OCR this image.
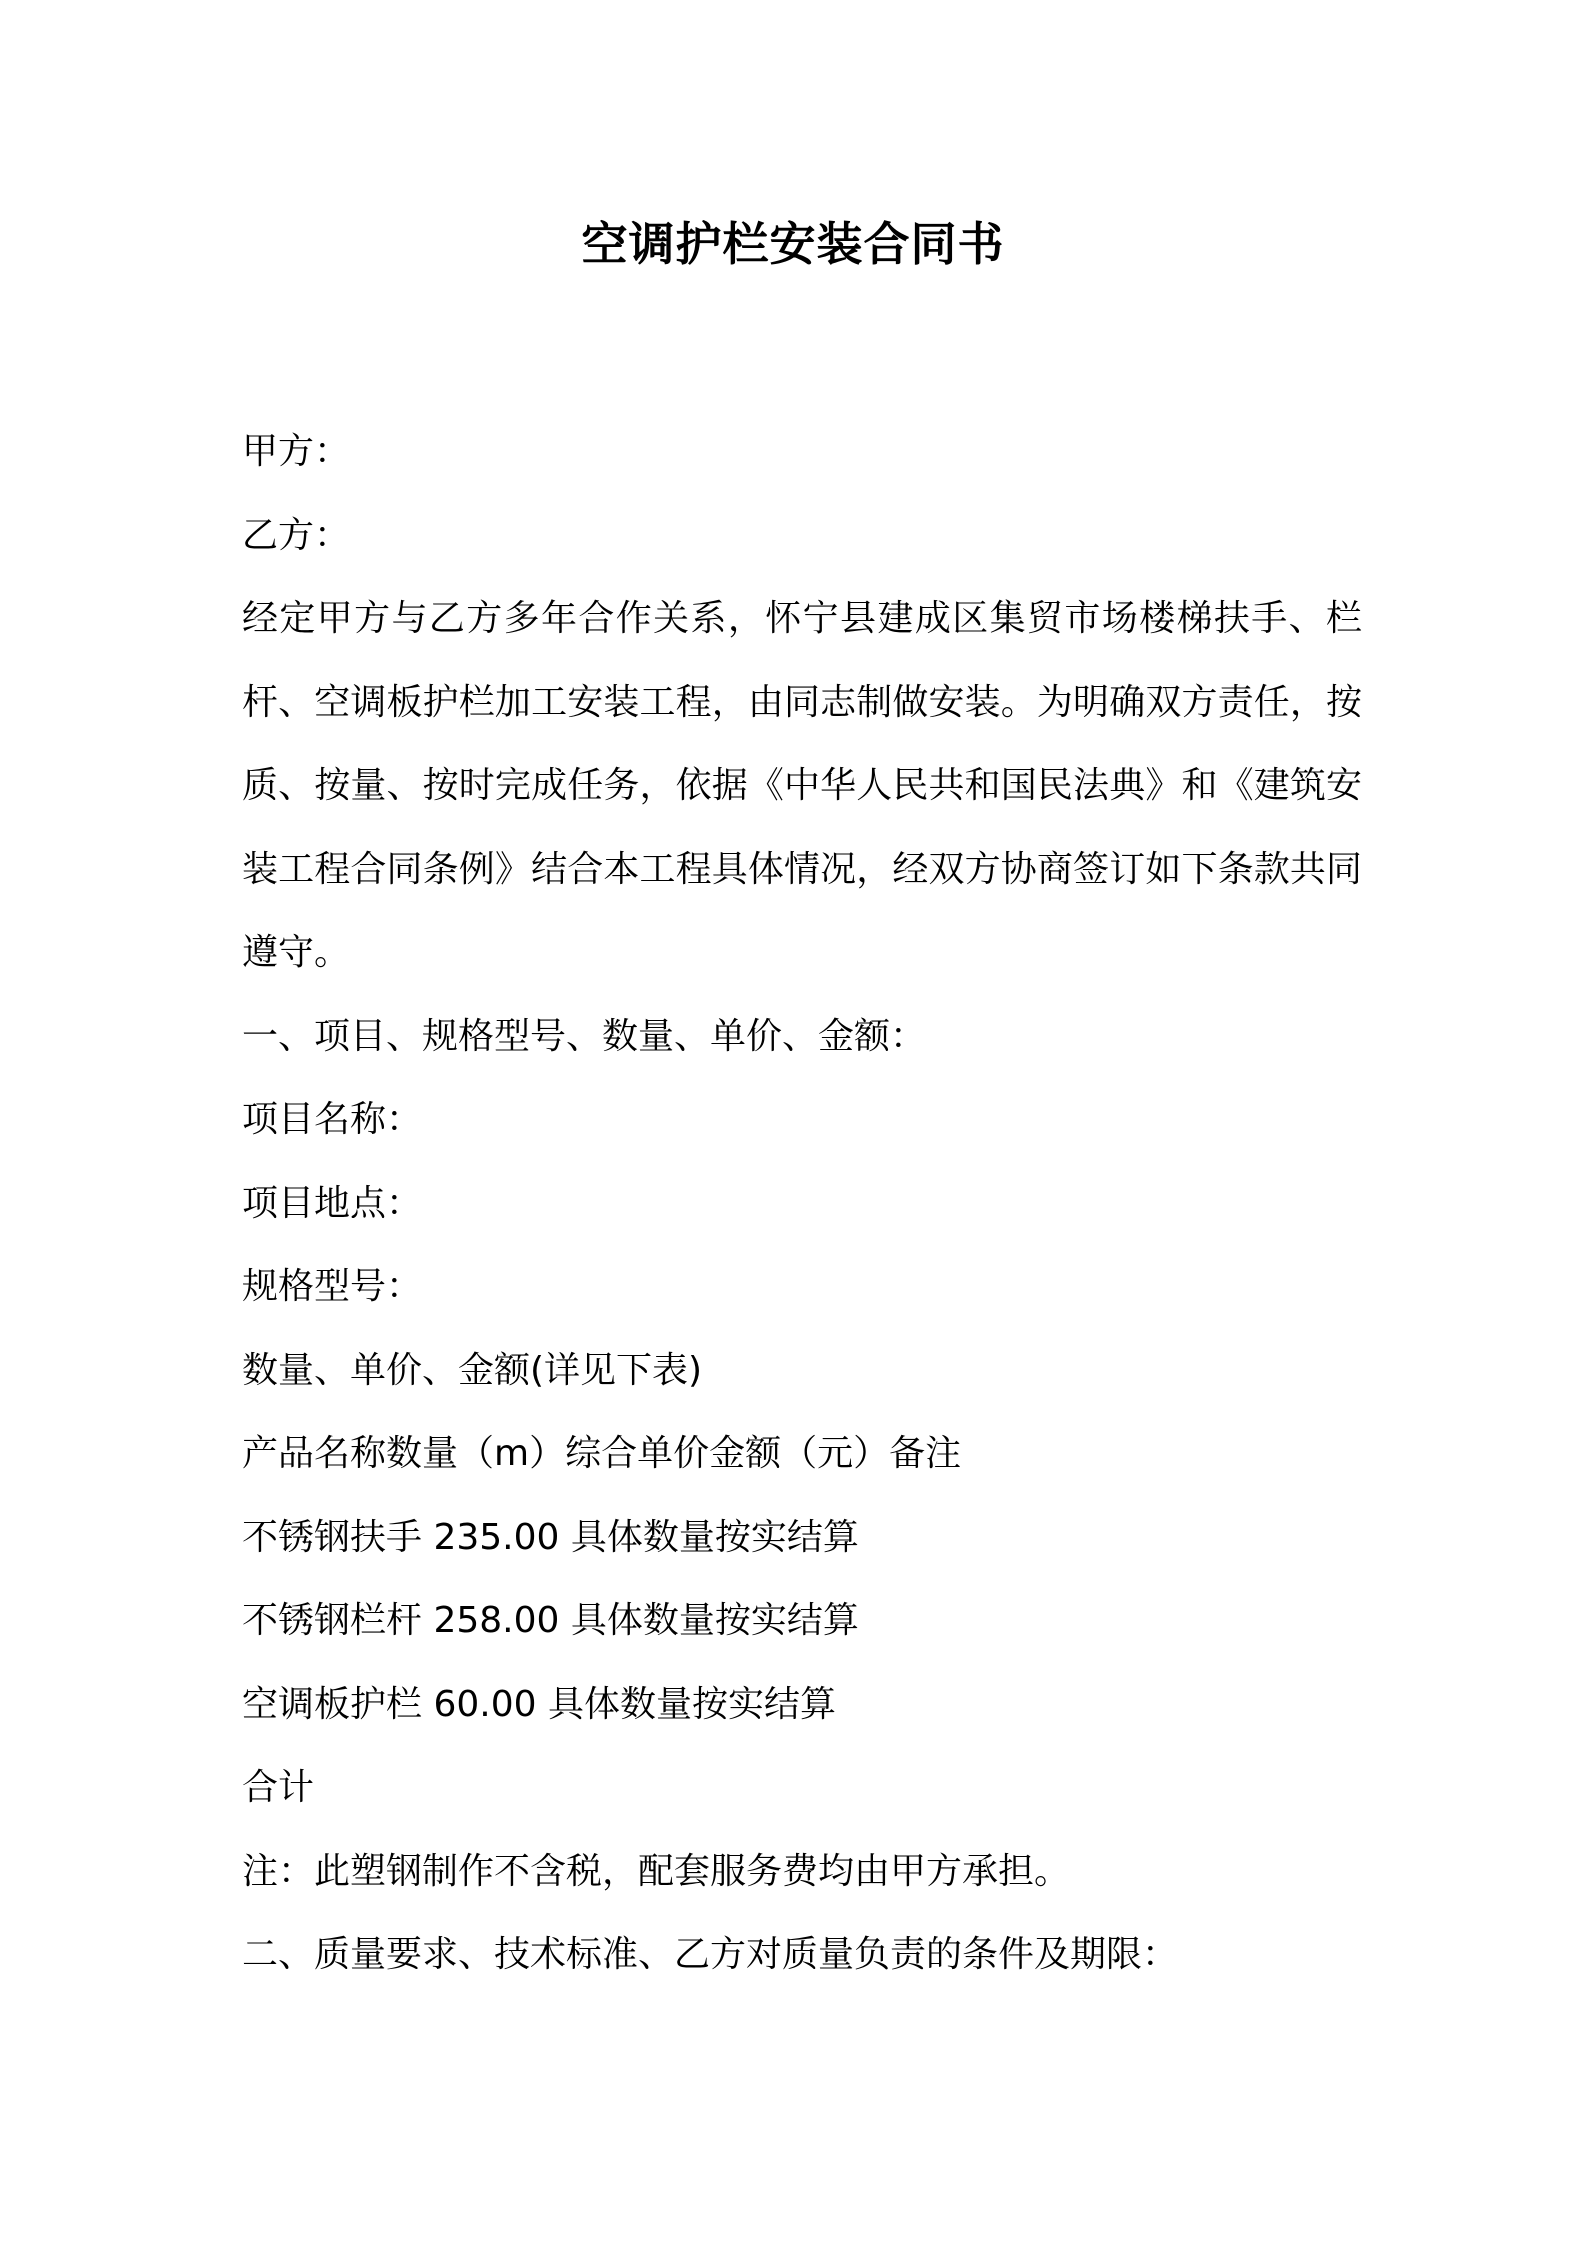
空调护栏安装合同书
甲方：
乙方：
经定甲方与乙方多年合作关系，怀宁县建成区集贸市场楼梯扶手、栏杆、空调板护栏加工安装工程，由同志制做安装。为明确双方责任，按质、按量、按时完成任务，依据《中华人民共和国民法典》和《建筑安装工程合同条例》结合本工程具体情况，经双方协商签订如下条款共同遵守。
一、项目、规格型号、数量、单价、金额：
项目名称：
项目地点：
规格型号：
数量、单价、金额(详见下表)
产品名称数量（m）综合单价金额（元）备注
不锈钢扶手 235.00 具体数量按实结算
不锈钢栏杆 258.00 具体数量按实结算
空调板护栏 60.00 具体数量按实结算
合计
注：此塑钢制作不含税，配套服务费均由甲方承担。
二、质量要求、技术标准、乙方对质量负责的条件及期限：
